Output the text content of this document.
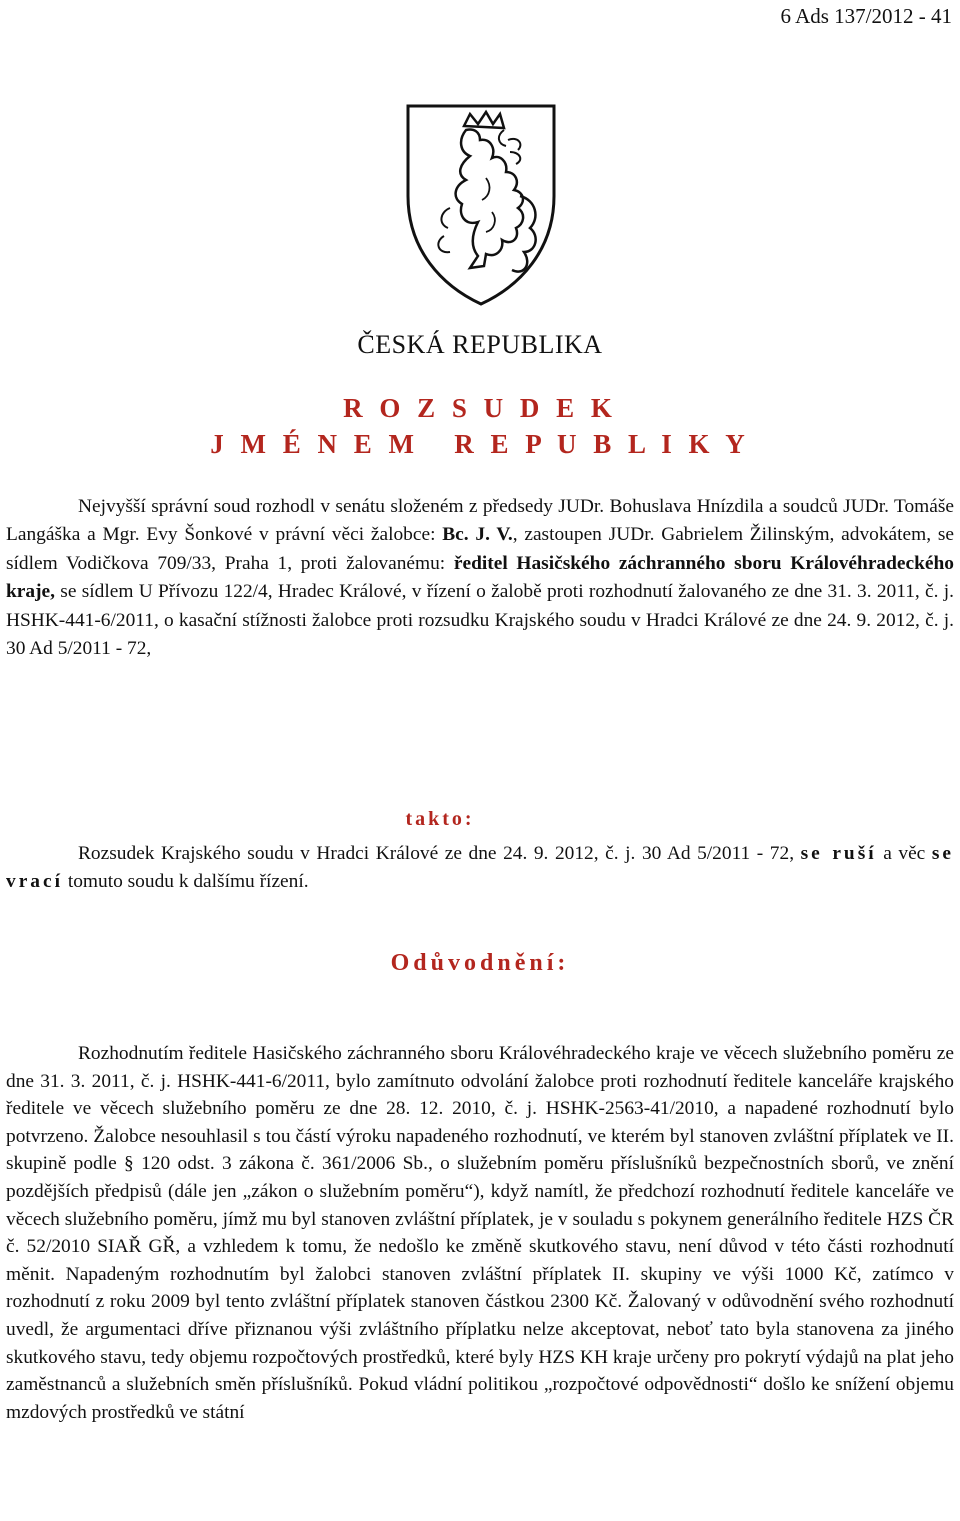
6 Ads 137/2012 - 41
ČESKÁ REPUBLIKA
R O Z S U D E K
J M É N E M   R E P U B L I K Y
Nejvyšší správní soud rozhodl v senátu složeném z předsedy JUDr. Bohuslava Hnízdila a soudců JUDr. Tomáše Langáška a Mgr. Evy Šonkové v právní věci žalobce: Bc. J. V., zastoupen JUDr. Gabrielem Žilinským, advokátem, se sídlem Vodičkova 709/33, Praha 1, proti žalovanému: ředitel Hasičského záchranného sboru Královéhradeckého kraje, se sídlem U Přívozu 122/4, Hradec Králové, v řízení o žalobě proti rozhodnutí žalovaného ze dne 31. 3. 2011, č. j. HSHK-441-6/2011, o kasační stížnosti žalobce proti rozsudku Krajského soudu v Hradci Králové ze dne 24. 9. 2012, č. j. 30 Ad 5/2011 - 72,
takto:
Rozsudek Krajského soudu v Hradci Králové ze dne 24. 9. 2012, č. j. 30 Ad 5/2011 - 72, se ruší a věc se vrací tomuto soudu k dalšímu řízení.
Odůvodnění:
Rozhodnutím ředitele Hasičského záchranného sboru Královéhradeckého kraje ve věcech služebního poměru ze dne 31. 3. 2011, č. j. HSHK-441-6/2011, bylo zamítnuto odvolání žalobce proti rozhodnutí ředitele kanceláře krajského ředitele ve věcech služebního poměru ze dne 28. 12. 2010, č. j. HSHK-2563-41/2010, a napadené rozhodnutí bylo potvrzeno. Žalobce nesouhlasil s tou částí výroku napadeného rozhodnutí, ve kterém byl stanoven zvláštní příplatek ve II. skupině podle § 120 odst. 3 zákona č. 361/2006 Sb., o služebním poměru příslušníků bezpečnostních sborů, ve znění pozdějších předpisů (dále jen „zákon o služebním poměru“), když namítl, že předchozí rozhodnutí ředitele kanceláře ve věcech služebního poměru, jímž mu byl stanoven zvláštní příplatek, je v souladu s pokynem generálního ředitele HZS ČR č. 52/2010 SIAŘ GŘ, a vzhledem k tomu, že nedošlo ke změně skutkového stavu, není důvod v této části rozhodnutí měnit. Napadeným rozhodnutím byl žalobci stanoven zvláštní příplatek II. skupiny ve výši 1000 Kč, zatímco v rozhodnutí z roku 2009 byl tento zvláštní příplatek stanoven částkou 2300 Kč. Žalovaný v odůvodnění svého rozhodnutí uvedl, že argumentaci dříve přiznanou výši zvláštního příplatku nelze akceptovat, neboť tato byla stanovena za jiného skutkového stavu, tedy objemu rozpočtových prostředků, které byly HZS KH kraje určeny pro pokrytí výdajů na plat jeho zaměstnanců a služebních směn příslušníků. Pokud vládní politikou „rozpočtové odpovědnosti“ došlo ke snížení objemu mzdových prostředků ve státní
